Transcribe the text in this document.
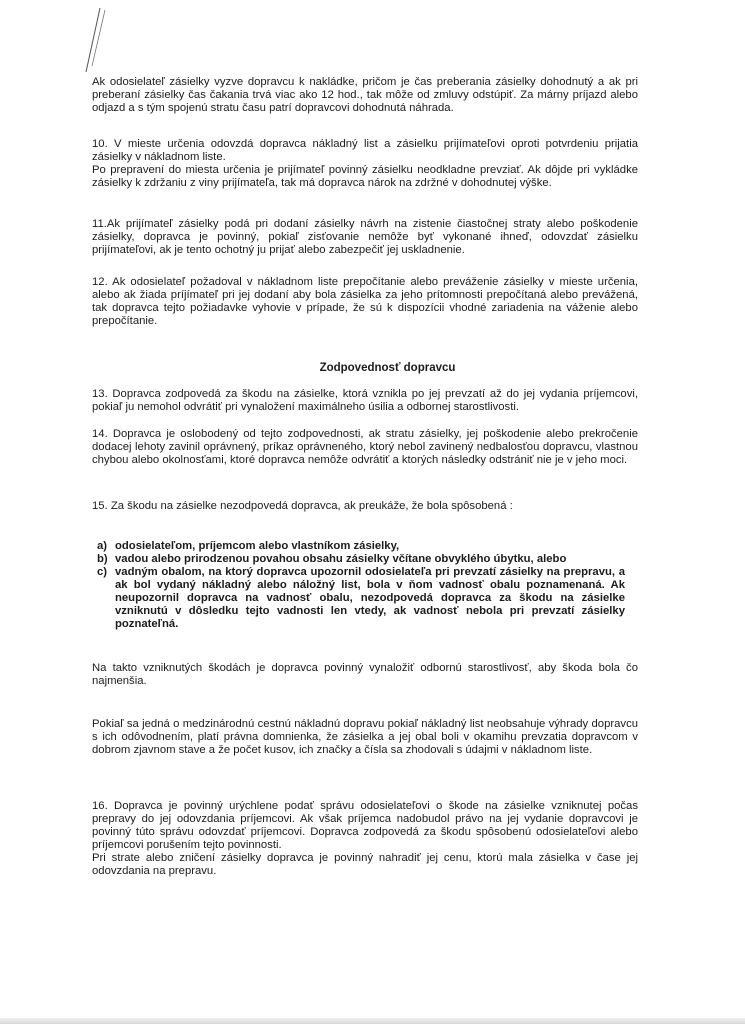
Ak odosielateľ zásielky vyzve dopravcu k nakládke, pričom je čas preberania zásielky dohodnutý a ak pri preberaní zásielky čas čakania trvá viac ako 12 hod., tak môže od zmluvy odstúpiť. Za márny príjazd alebo odjazd a s tým spojenú stratu času patrí dopravcovi dohodnutá náhrada.

10. V mieste určenia odovzdá dopravca nákladný list a zásielku prijímateľovi oproti potvrdeniu prijatia zásielky v nákladnom liste.

Po prepravení do miesta určenia je prijímateľ povinný zásielku neodkladne prevziať. Ak dôjde pri vykládke zásielky k zdržaniu z viny prijímateľa, tak má dopravca nárok na zdržné v dohodnutej výške.

11.Ak prijímateľ zásielky podá pri dodaní zásielky návrh na zistenie čiastočnej straty alebo poškodenie zásielky, dopravca je povinný, pokiaľ zisťovanie nemôže byť vykonané ihneď, odovzdať zásielku prijímateľovi, ak je tento ochotný ju prijať alebo zabezpečiť jej uskladnenie.

12. Ak odosielateľ požadoval v nákladnom liste prepočítanie alebo preváženie zásielky v mieste určenia, alebo ak žiada príjímateľ pri jej dodaní aby bola zásielka za jeho prítomnosti prepočítaná alebo prevážená, tak dopravca tejto požiadavke vyhovie v prípade, že sú k dispozícii vhodné zariadenia na váženie alebo prepočítanie.

Zodpovednosť dopravcu

13. Dopravca zodpovedá za škodu na zásielke, ktorá vznikla po jej prevzatí až do jej vydania príjemcovi, pokiaľ ju nemohol odvrátiť pri vynaložení maximálneho úsilia a odbornej starostlivosti.

14. Dopravca je oslobodený od tejto zodpovednosti, ak stratu zásielky, jej poškodenie alebo prekročenie dodacej lehoty zavinil oprávnený, príkaz oprávneného, ktorý nebol zavinený nedbalosťou dopravcu, vlastnou chybou alebo okolnosťami, ktoré dopravca nemôže odvrátiť a ktorých následky odstrániť nie je v jeho moci.

15. Za škodu na zásielke nezodpovedá dopravca, ak preukáže, že bola spôsobená :

a) odosielateľom, príjemcom alebo vlastníkom zásielky,
b) vadou alebo prirodzenou povahou obsahu zásielky včítane obvyklého úbytku, alebo
c) vadným obalom, na ktorý dopravca upozornil odosielateľa pri prevzatí zásielky na prepravu, a ak bol vydaný nákladný alebo náložný list, bola v ňom vadnosť obalu poznamenaná. Ak neupozornil dopravca na vadnosť obalu, nezodpovedá dopravca za škodu na zásielke vzniknutú v dôsledku tejto vadnosti len vtedy, ak vadnosť nebola pri prevzatí zásielky poznateľná.

Na takto vzniknutých škodách je dopravca povinný vynaložiť odbornú starostlivosť, aby škoda bola čo najmenšia.

Pokiaľ sa jedná o medzinárodnú cestnú nákladnú dopravu pokiaľ nákladný list neobsahuje výhrady dopravcu s ich odôvodnením, platí právna domnienka, že zásielka a jej obal boli v okamihu prevzatia dopravcom v dobrom zjavnom stave a že počet kusov, ich značky a čísla sa zhodovali s údajmi v nákladnom liste.

16. Dopravca je povinný urýchlene podať správu odosielateľovi o škode na zásielke vzniknutej počas prepravy do jej odovzdania príjemcovi. Ak však príjemca nadobudol právo na jej vydanie dopravcovi je povinný túto správu odovzdať príjemcovi. Dopravca zodpovedá za škodu spôsobenú odosielateľovi alebo príjemcovi porušením tejto povinnosti.

Pri strate alebo zničení zásielky dopravca je povinný nahradiť jej cenu, ktorú mala zásielka v čase jej odovzdania na prepravu.
